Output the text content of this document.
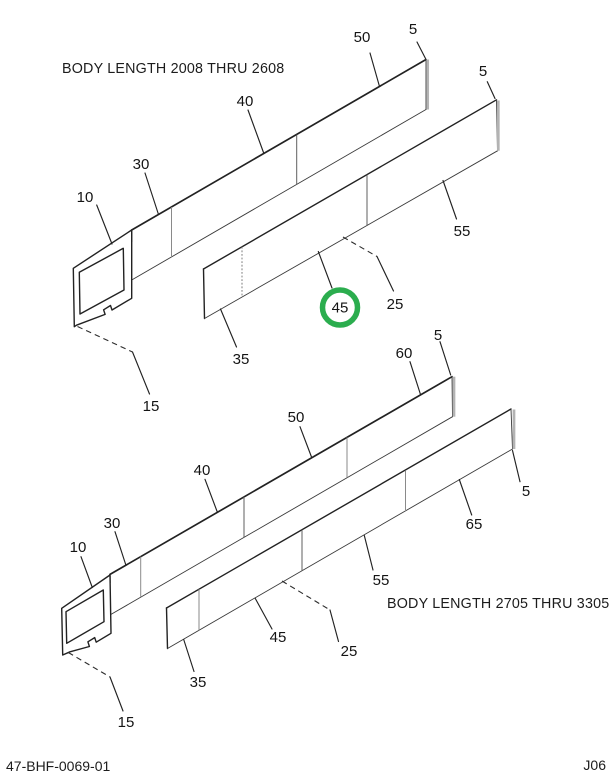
BODY LENGTH 2008 THRU 2608
50	5
40
5
30
10
55
25
35
15
45
BODY LENGTH 2705 THRU 3305
60
5
50
40
30
10
5
65
55
45
25
35
15
47-BHF-0069-01	J06
